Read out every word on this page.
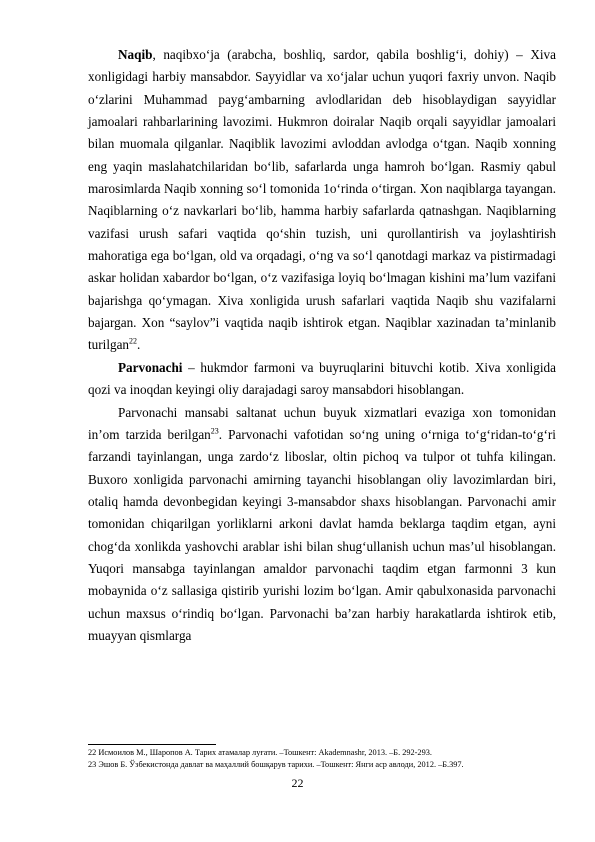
Naqib, naqibxo‘ja (arabcha, boshliq, sardor, qabila boshlig‘i, dohiy) – Xiva xonligidagi harbiy mansabdor. Sayyidlar va xo‘jalar uchun yuqori faxriy unvon. Naqib o‘zlarini Muhammad payg‘ambarning avlodlaridan deb hisoblaydigan sayyidlar jamoalari rahbarlarining lavozimi. Hukmron doiralar Naqib orqali sayyidlar jamoalari bilan muomala qilganlar. Naqiblik lavozimi avloddan avlodga o‘tgan. Naqib xonning eng yaqin maslahatchilaridan bo‘lib, safarlarda unga hamroh bo‘lgan. Rasmiy qabul marosimlarda Naqib xonning so‘l tomonida 1o‘rinda o‘tirgan. Xon naqiblarga tayangan. Naqiblarning o‘z navkarlari bo‘lib, hamma harbiy safarlarda qatnashgan. Naqiblarning vazifasi urush safari vaqtida qo‘shin tuzish, uni qurollantirish va joylashtirish mahoratiga ega bo‘lgan, old va orqadagi, o‘ng va so‘l qanotdagi markaz va pistirmadagi askar holidan xabardor bo‘lgan, o‘z vazifasiga loyiq bo‘lmagan kishini ma’lum vazifani bajarishga qo‘ymagan. Xiva xonligida urush safarlari vaqtida Naqib shu vazifalarni bajargan. Xon “saylov”i vaqtida naqib ishtirok etgan. Naqiblar xazinadan ta’minlanib turilgan$^{22}$.

Parvonachi – hukmdor farmoni va buyruqlarini bituvchi kotib. Xiva xonligida qozi va inoqdan keyingi oliy darajadagi saroy mansabdori hisoblangan.

Parvonachi mansabi saltanat uchun buyuk xizmatlari evaziga xon tomonidan in’om tarzida berilgan$^{23}$. Parvonachi vafotidan so‘ng uning o‘rniga to‘g‘ridan-to‘g‘ri farzandi tayinlangan, unga zardo‘z liboslar, oltin pichoq va tulpor ot tuhfa kilingan. Buxoro xonligida parvonachi amirning tayanchi hisoblangan oliy lavozimlardan biri, otaliq hamda devonbegidan keyingi 3-mansabdor shaxs hisoblangan. Parvonachi amir tomonidan chiqarilgan yorliklarni arkoni davlat hamda beklarga taqdim etgan, ayni chog‘da xonlikda yashovchi arablar ishi bilan shug‘ullanish uchun mas’ul hisoblangan. Yuqori mansabga tayinlangan amaldor parvonachi taqdim etgan farmonni 3 kun mobaynida o‘z sallasiga qistirib yurishi lozim bo‘lgan. Amir qabulxonasida parvonachi uchun maxsus o‘rindiq bo‘lgan. Parvonachi ba’zan harbiy harakatlarda ishtirok etib, muayyan qismlarga

22 Исмоилов М., Шаропов А. Тарих атамалар луғати. –Тошкент: Akademnashr, 2013. –Б. 292-293.
23 Эшов Б. Ўзбекистонда давлат ва маҳаллий бошқарув тарихи. –Тошкент: Янги аср авлоди, 2012. –Б.397.
22
